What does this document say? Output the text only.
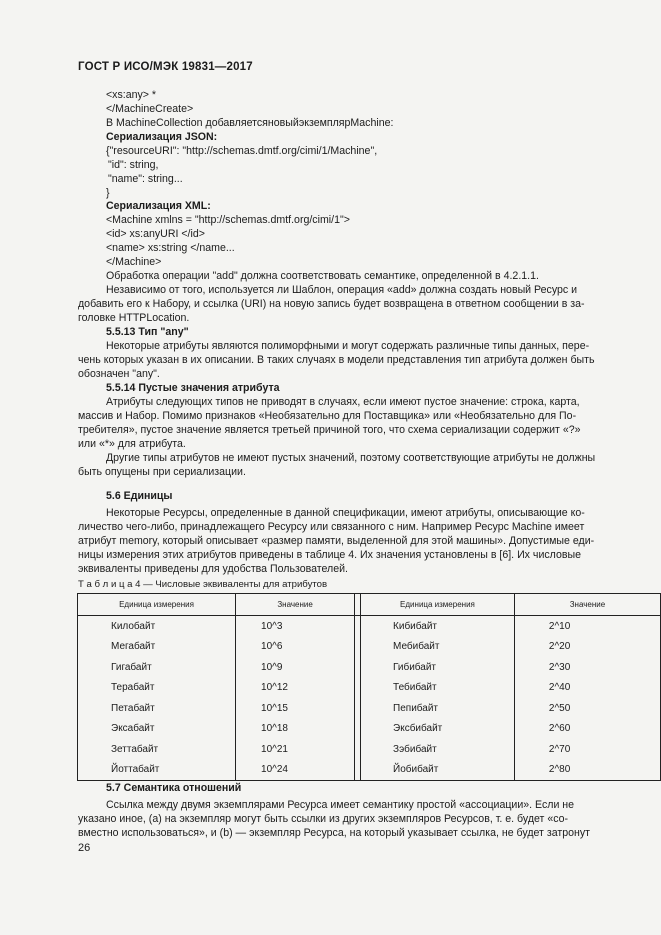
ГОСТ Р ИСО/МЭК 19831—2017
<xs:any> *
</MachineCreate>
В MachineCollection добавляетсяновыйэкземплярMachine:
Сериализация JSON:
{"resourceURI": "http://schemas.dmtf.org/cimi/1/Machine",
"id": string,
"name": string...
}
Сериализация XML:
<Machine xmlns = "http://schemas.dmtf.org/cimi/1">
<id> xs:anyURI </id>
<name> xs:string </name...
</Machine>
Обработка операции "add" должна соответствовать семантике, определенной в 4.2.1.1.
Независимо от того, используется ли Шаблон, операция «add» должна создать новый Ресурс и
добавить его к Набору, и ссылка (URI) на новую запись будет возвращена в ответном сообщении в за-
головке HTTPLocation.
5.5.13 Тип "any"
Некоторые атрибуты являются полиморфными и могут содержать различные типы данных, пере-
чень которых указан в их описании. В таких случаях в модели представления тип атрибута должен быть
обозначен "any".
5.5.14 Пустые значения атрибута
Атрибуты следующих типов не приводят в случаях, если имеют пустое значение: строка, карта,
массив и Набор. Помимо признаков «Необязательно для Поставщика» или «Необязательно для По-
требителя», пустое значение является третьей причиной того, что схема сериализации содержит «?»
или «*» для атрибута.
Другие типы атрибутов не имеют пустых значений, поэтому соответствующие атрибуты не должны
быть опущены при сериализации.
5.6 Единицы
Некоторые Ресурсы, определенные в данной спецификации, имеют атрибуты, описывающие ко-
личество чего-либо, принадлежащего Ресурсу или связанного с ним. Например Ресурс Machine имеет
атрибут memory, который описывает «размер памяти, выделенной для этой машины». Допустимые еди-
ницы измерения этих атрибутов приведены в таблице 4. Их значения установлены в [6]. Их числовые
эквиваленты приведены для удобства Пользователей.
Т а б л и ц а 4 — Числовые эквиваленты для атрибутов
Единица измерения	Значение		Единица измерения	Значение
Килобайт	10^3		Кибибайт	2^10
Мегабайт	10^6		Мебибайт	2^20
Гигабайт	10^9		Гибибайт	2^30
Терабайт	10^12		Тебибайт	2^40
Петабайт	10^15		Пепибайт	2^50
Эксабайт	10^18		Эксбибайт	2^60
Зеттабайт	10^21		Зэбибайт	2^70
Йоттабайт	10^24		Йобибайт	2^80
5.7 Семантика отношений
Ссылка между двумя экземплярами Ресурса имеет семантику простой «ассоциации». Если не
указано иное, (a) на экземпляр могут быть ссылки из других экземпляров Ресурсов, т. е. будет «со-
вместно использоваться», и (b) — экземпляр Ресурса, на который указывает ссылка, не будет затронут
26
